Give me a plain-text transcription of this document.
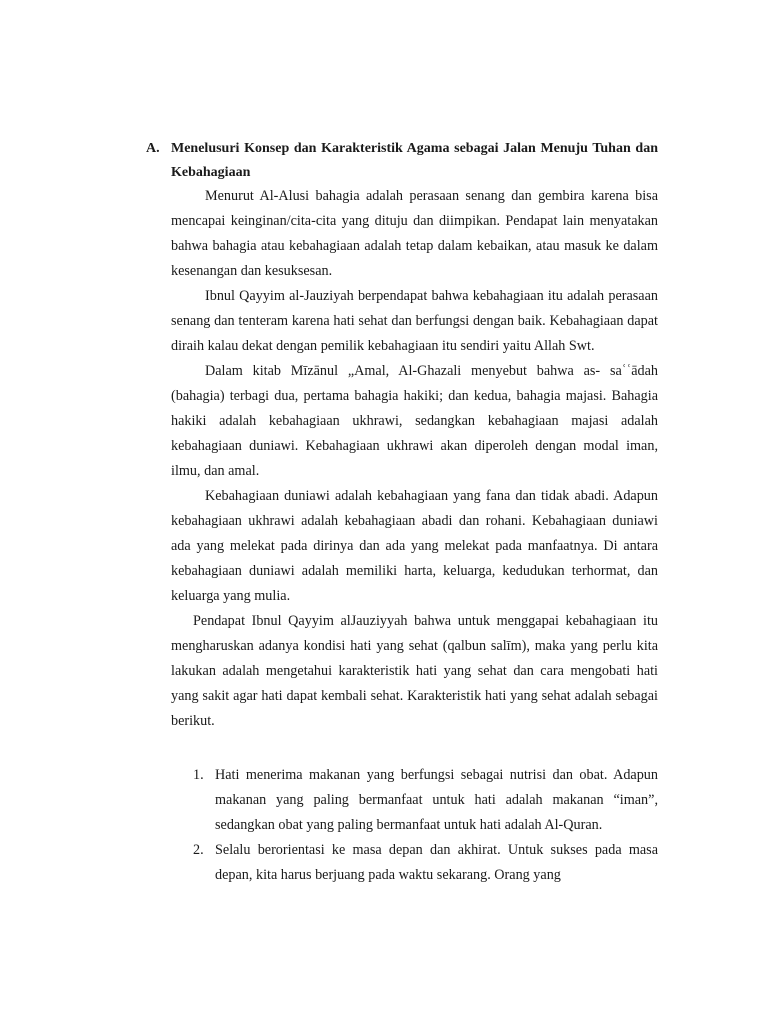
A. Menelusuri Konsep dan Karakteristik Agama sebagai Jalan Menuju Tuhan dan Kebahagiaan

Menurut Al-Alusi bahagia adalah perasaan senang dan gembira karena bisa mencapai keinginan/cita-cita yang dituju dan diimpikan. Pendapat lain menyatakan bahwa bahagia atau kebahagiaan adalah tetap dalam kebaikan, atau masuk ke dalam kesenangan dan kesuksesan.

Ibnul Qayyim al-Jauziyah berpendapat bahwa kebahagiaan itu adalah perasaan senang dan tenteram karena hati sehat dan berfungsi dengan baik. Kebahagiaan dapat diraih kalau dekat dengan pemilik kebahagiaan itu sendiri yaitu Allah Swt.

Dalam kitab Mīzānul „Amal, Al-Ghazali menyebut bahwa as- saʿʿādah (bahagia) terbagi dua, pertama bahagia hakiki; dan kedua, bahagia majasi. Bahagia hakiki adalah kebahagiaan ukhrawi, sedangkan kebahagiaan majasi adalah kebahagiaan duniawi. Kebahagiaan ukhrawi akan diperoleh dengan modal iman, ilmu, dan amal.

Kebahagiaan duniawi adalah kebahagiaan yang fana dan tidak abadi. Adapun kebahagiaan ukhrawi adalah kebahagiaan abadi dan rohani. Kebahagiaan duniawi ada yang melekat pada dirinya dan ada yang melekat pada manfaatnya. Di antara kebahagiaan duniawi adalah memiliki harta, keluarga, kedudukan terhormat, dan keluarga yang mulia.

Pendapat Ibnul Qayyim alJauziyyah bahwa untuk menggapai kebahagiaan itu mengharuskan adanya kondisi hati yang sehat (qalbun salīm), maka yang perlu kita lakukan adalah mengetahui karakteristik hati yang sehat dan cara mengobati hati yang sakit agar hati dapat kembali sehat. Karakteristik hati yang sehat adalah sebagai berikut.

1. Hati menerima makanan yang berfungsi sebagai nutrisi dan obat. Adapun makanan yang paling bermanfaat untuk hati adalah makanan “iman”, sedangkan obat yang paling bermanfaat untuk hati adalah Al-Quran.
2. Selalu berorientasi ke masa depan dan akhirat. Untuk sukses pada masa depan, kita harus berjuang pada waktu sekarang. Orang yang
